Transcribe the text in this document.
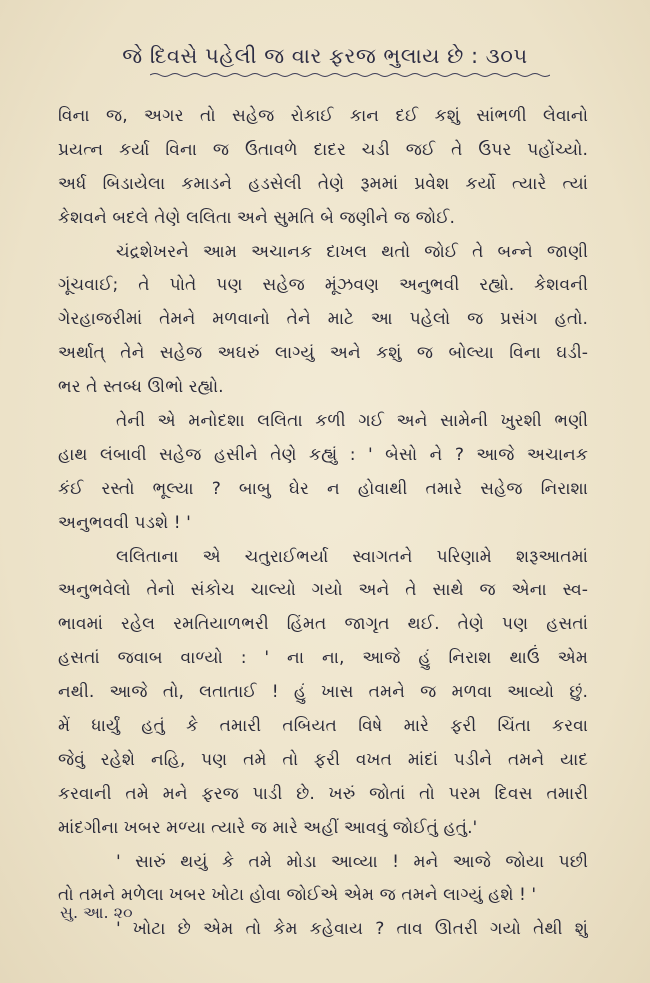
જે દિવસે પહેલી જ વાર ફરજ ભુલાય છે : ૩૦૫
વિના જ, અગર તો સહેજ રોકાઈ કાન દઈ કશું સાંભળી લેવાનો
પ્રયત્ન કર્યા વિના જ ઉતાવળે દાદર ચડી જઈ તે ઉપર પહોંચ્યો.
અર્ધ બિડાયેલા કમાડને હડસેલી તેણે રૂમમાં પ્રવેશ કર્યો ત્યારે ત્યાં
કેશવને બદલે તેણે લલિતા અને સુમતિ બે જણીને જ જોઈ.
ચંદ્રશેખરને આમ અચાનક દાખલ થતો જોઈ તે બન્ને જાણી
ગૂંચવાઈ; તે પોતે પણ સહેજ મૂંઝવણ અનુભવી રહ્યો. કેશવની
ગેરહાજરીમાં તેમને મળવાનો તેને માટે આ પહેલો જ પ્રસંગ હતો.
અર્થાત્ તેને સહેજ અઘરું લાગ્યું અને કશું જ બોલ્યા વિના ઘડી-
ભર તે સ્તબ્ધ ઊભો રહ્યો.
તેની એ મનોદશા લલિતા કળી ગઈ અને સામેની ખુરશી ભણી
હાથ લંબાવી સહેજ હસીને તેણે કહ્યું : ' બેસો ને ? આજે અચાનક
કંઈ રસ્તો ભૂલ્યા ? બાબુ ઘેર ન હોવાથી તમારે સહેજ નિરાશા
અનુભવવી પડશે ! '
લલિતાના એ ચતુરાઈભર્યા સ્વાગતને પરિણામે શરૂઆતમાં
અનુભવેલો તેનો સંકોચ ચાલ્યો ગયો અને તે સાથે જ એના સ્વ-
ભાવમાં રહેલ રમતિયાળભરી હિંમત જાગૃત થઈ. તેણે પણ હસતાં
હસતાં જવાબ વાળ્યો : ' ના ના, આજે હું નિરાશ થાઉં એમ
નથી. આજે તો, લતાતાઈ ! હું ખાસ તમને જ મળવા આવ્યો છું.
મેં ધાર્યું હતું કે તમારી તબિયત વિષે મારે ફરી ચિંતા કરવા
જેવું રહેશે નહિ, પણ તમે તો ફરી વખત માંદાં પડીને તમને યાદ
કરવાની તમે મને ફરજ પાડી છે. ખરું જોતાં તો પરમ દિવસ તમારી
માંદગીના ખબર મળ્યા ત્યારે જ મારે અહીં આવવું જોઈતું હતું.'
' સારું થયું કે તમે મોડા આવ્યા ! મને આજે જોયા પછી
તો તમને મળેલા ખબર ખોટા હોવા જોઈએ એમ જ તમને લાગ્યું હશે ! '
' ખોટા છે એમ તો કેમ કહેવાય ? તાવ ઊતરી ગયો તેથી શું
સુ. આ. ૨૦
